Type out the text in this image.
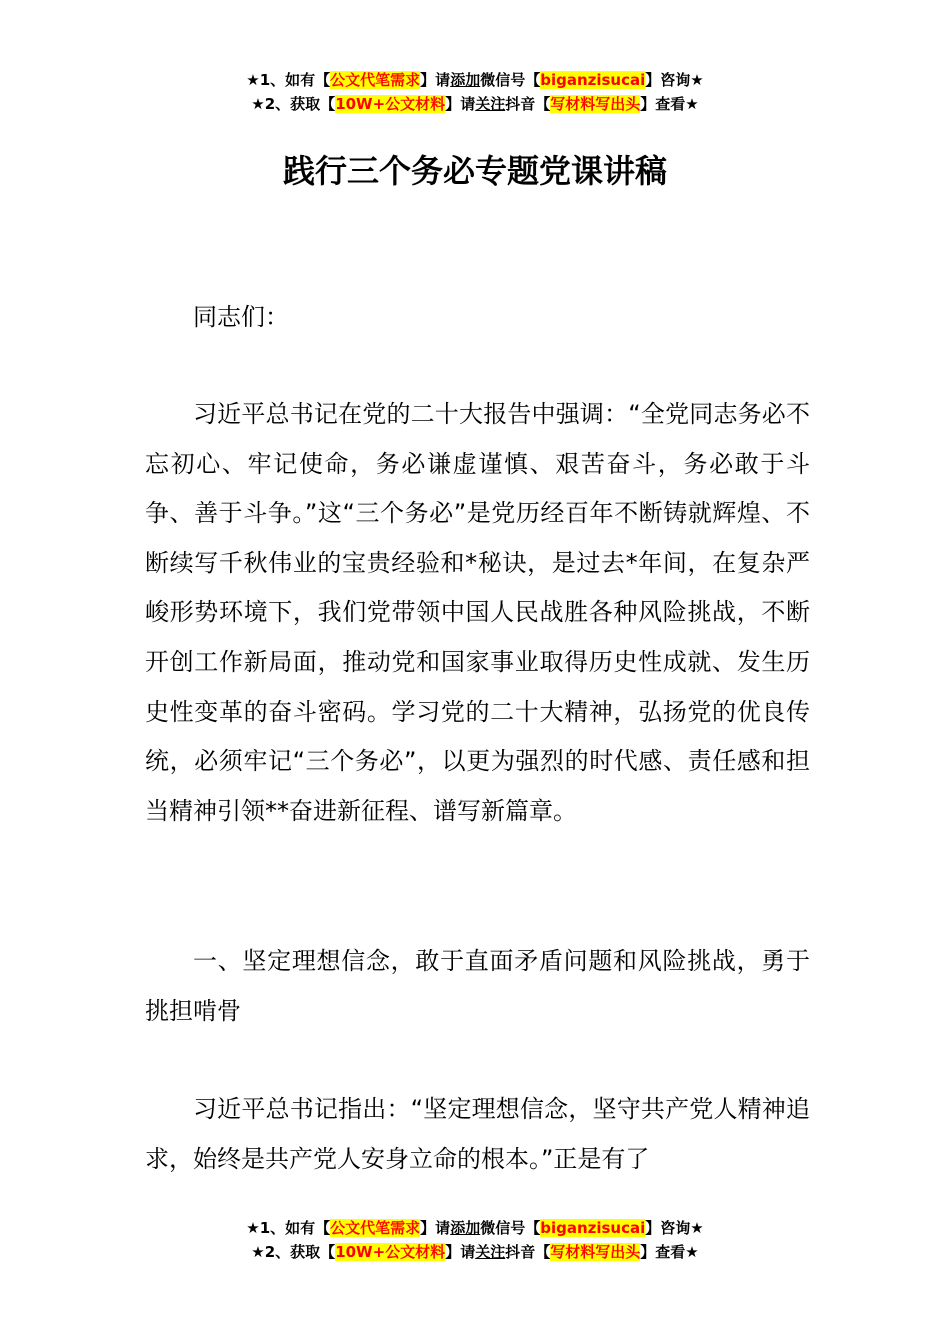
★1、如有【公文代笔需求】请添加微信号【biganzisucai】咨询★
★2、获取【10W+公文材料】请关注抖音【写材料写出头】查看★
践行三个务必专题党课讲稿

同志们：

习近平总书记在党的二十大报告中强调：“全党同志务必不忘初心、牢记使命，务必谦虚谨慎、艰苦奋斗，务必敢于斗争、善于斗争。”这“三个务必”是党历经百年不断铸就辉煌、不断续写千秋伟业的宝贵经验和*秘诀，是过去*年间，在复杂严峻形势环境下，我们党带领中国人民战胜各种风险挑战，不断开创工作新局面，推动党和国家事业取得历史性成就、发生历史性变革的奋斗密码。学习党的二十大精神，弘扬党的优良传统，必须牢记“三个务必”，以更为强烈的时代感、责任感和担当精神引领**奋进新征程、谱写新篇章。

一、坚定理想信念，敢于直面矛盾问题和风险挑战，勇于挑担啃骨

习近平总书记指出：“坚定理想信念，坚守共产党人精神追求，始终是共产党人安身立命的根本。”正是有了

★1、如有【公文代笔需求】请添加微信号【biganzisucai】咨询★
★2、获取【10W+公文材料】请关注抖音【写材料写出头】查看★
